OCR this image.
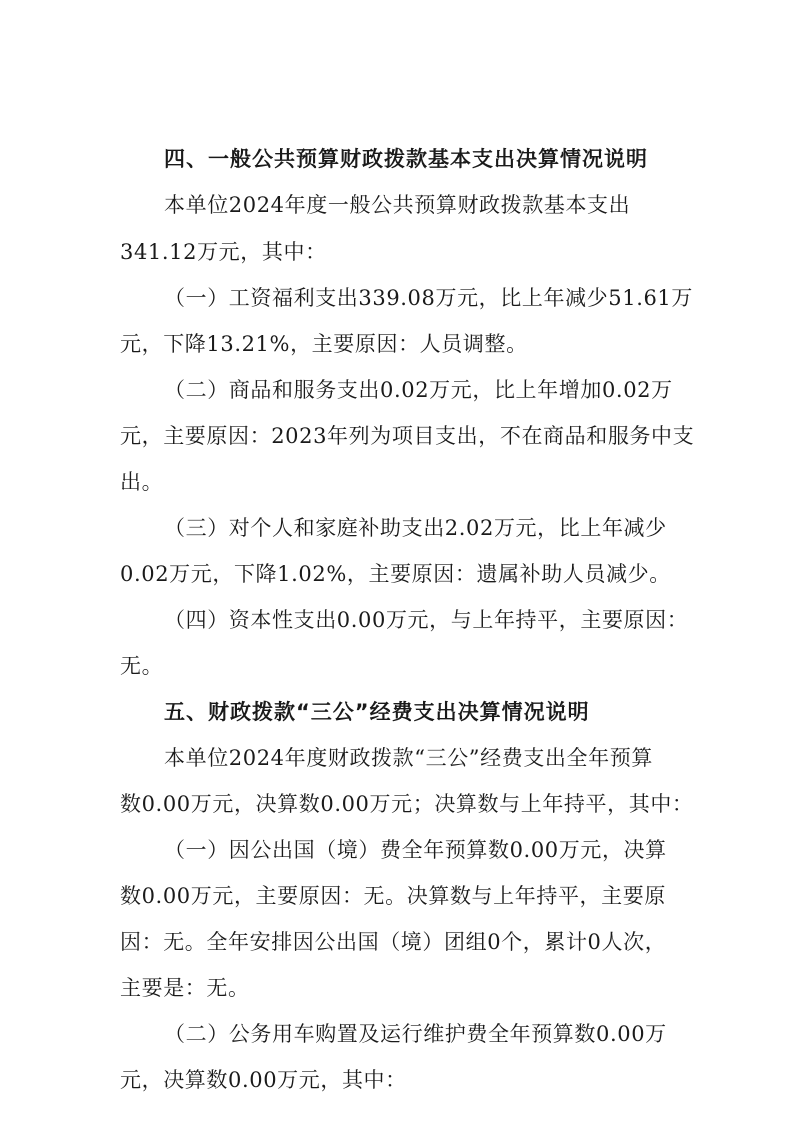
四、一般公共预算财政拨款基本支出决算情况说明
本单位2024年度一般公共预算财政拨款基本支出
341.12万元，其中：
（一）工资福利支出339.08万元，比上年减少51.61万
元，下降13.21%，主要原因：人员调整。
（二）商品和服务支出0.02万元，比上年增加0.02万
元，主要原因：2023年列为项目支出，不在商品和服务中支
出。
（三）对个人和家庭补助支出2.02万元，比上年减少
0.02万元，下降1.02%，主要原因：遗属补助人员减少。
（四）资本性支出0.00万元，与上年持平，主要原因：
无。
五、财政拨款“三公”经费支出决算情况说明
本单位2024年度财政拨款“三公”经费支出全年预算
数0.00万元，决算数0.00万元；决算数与上年持平，其中：
（一）因公出国（境）费全年预算数0.00万元，决算
数0.00万元，主要原因：无。决算数与上年持平，主要原
因：无。全年安排因公出国（境）团组0个，累计0人次，
主要是：无。
（二）公务用车购置及运行维护费全年预算数0.00万
元，决算数0.00万元，其中：
